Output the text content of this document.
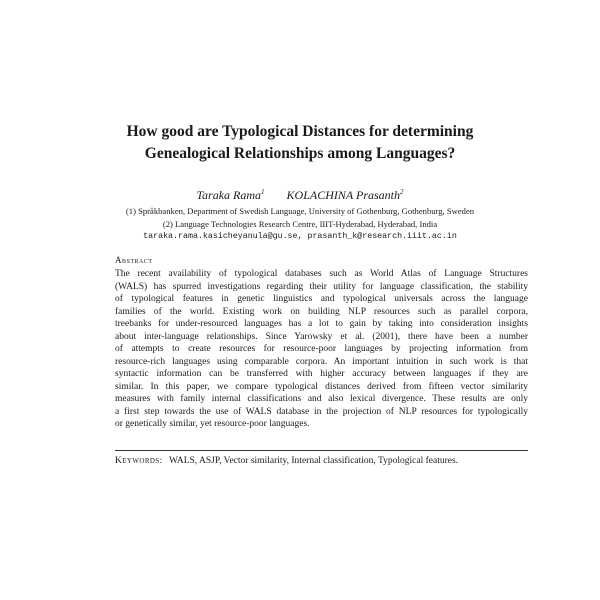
How good are Typological Distances for determining
Genealogical Relationships among Languages?
Taraka Rama$^1$ KOLACHINA Prasanth$^2$
(1) Språkbanken, Department of Swedish Language, University of Gothenburg, Gothenburg, Sweden
(2) Language Technologies Research Centre, IIIT-Hyderabad, Hyderabad, India
taraka.rama.kasicheyanula@gu.se, prasanth_k@research.iiit.ac.in
Abstract
The recent availability of typological databases such as World Atlas of Language Structures
(WALS) has spurred investigations regarding their utility for language classification, the stability
of typological features in genetic linguistics and typological universals across the language
families of the world. Existing work on building NLP resources such as parallel corpora,
treebanks for under-resourced languages has a lot to gain by taking into consideration insights
about inter-language relationships. Since Yarowsky et al. (2001), there have been a number
of attempts to create resources for resource-poor languages by projecting information from
resource-rich languages using comparable corpora. An important intuition in such work is that
syntactic information can be transferred with higher accuracy between languages if they are
similar. In this paper, we compare typological distances derived from fifteen vector similarity
measures with family internal classifications and also lexical divergence. These results are only
a first step towards the use of WALS database in the projection of NLP resources for typologically
or genetically similar, yet resource-poor languages.
Keywords: WALS, ASJP, Vector similarity, Internal classification, Typological features.
